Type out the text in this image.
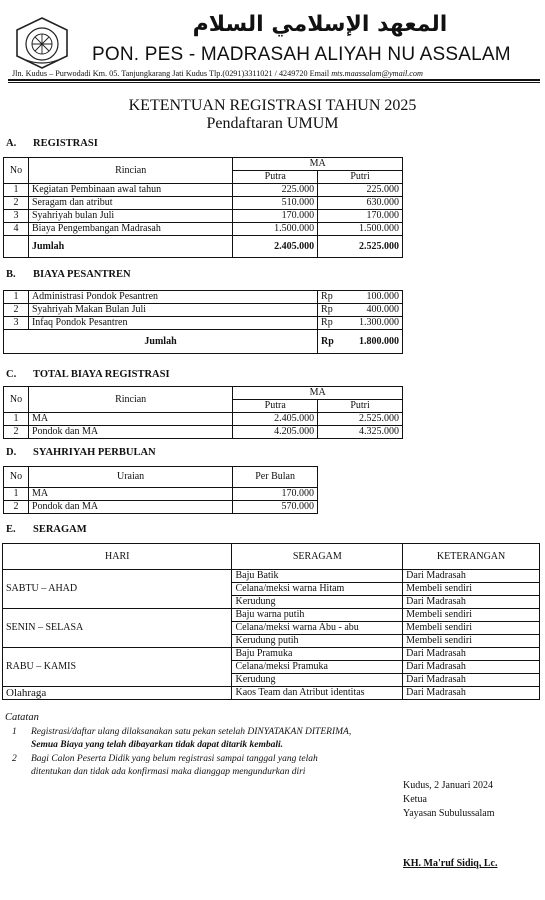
المعهد الإسلامي السلام
PON. PES - MADRASAH ALIYAH NU ASSALAM
Jln. Kudus – Purwodadi Km. 05. Tanjungkarang Jati Kudus Tlp.(0291)3311021 / 4249720 Email mts.maassalam@ymail.com
KETENTUAN REGISTRASI TAHUN 2025
Pendaftaran UMUM
A. REGISTRASI
No	Rincian	MA	
		Putra	Putri
1	Kegiatan Pembinaan awal tahun	225.000	225.000
2	Seragam dan atribut	510.000	630.000
3	Syahriyah bulan Juli	170.000	170.000
4	Biaya Pengembangan Madrasah	1.500.000	1.500.000
	Jumlah	2.405.000	2.525.000
B. BIAYA PESANTREN
1	Administrasi Pondok Pesantren	Rp	100.000
2	Syahriyah Makan Bulan Juli	Rp	400.000
3	Infaq Pondok Pesantren	Rp	1.300.000
Jumlah		Rp	1.800.000
C. TOTAL BIAYA REGISTRASI
No	Rincian	MA	
		Putra	Putri
1	MA	2.405.000	2.525.000
2	Pondok dan MA	4.205.000	4.325.000
D. SYAHRIYAH PERBULAN
No	Uraian	Per Bulan
1	MA	170.000
2	Pondok dan MA	570.000
E. SERAGAM
HARI	SERAGAM	KETERANGAN
SABTU – AHAD	Baju Batik	Dari Madrasah
	Celana/meksi warna Hitam	Membeli sendiri
	Kerudung	Dari Madrasah
SENIN – SELASA	Baju warna putih	Membeli sendiri
	Celana/meksi warna Abu - abu	Membeli sendiri
	Kerudung putih	Membeli sendiri
RABU – KAMIS	Baju Pramuka	Dari Madrasah
	Celana/meksi Pramuka	Dari Madrasah
	Kerudung	Dari Madrasah
Olahraga	Kaos Team dan Atribut identitas	Dari Madrasah
Catatan
1 Registrasi/daftar ulang dilaksanakan satu pekan setelah DINYATAKAN DITERIMA,
Semua Biaya yang telah dibayarkan tidak dapat ditarik kembali.
2 Bagi Calon Peserta Didik yang belum registrasi sampai tanggal yang telah
ditentukan dan tidak ada konfirmasi maka dianggap mengundurkan diri
Kudus, 2 Januari 2024
Ketua
Yayasan Subulussalam
KH. Ma'ruf Sidiq, Lc.
